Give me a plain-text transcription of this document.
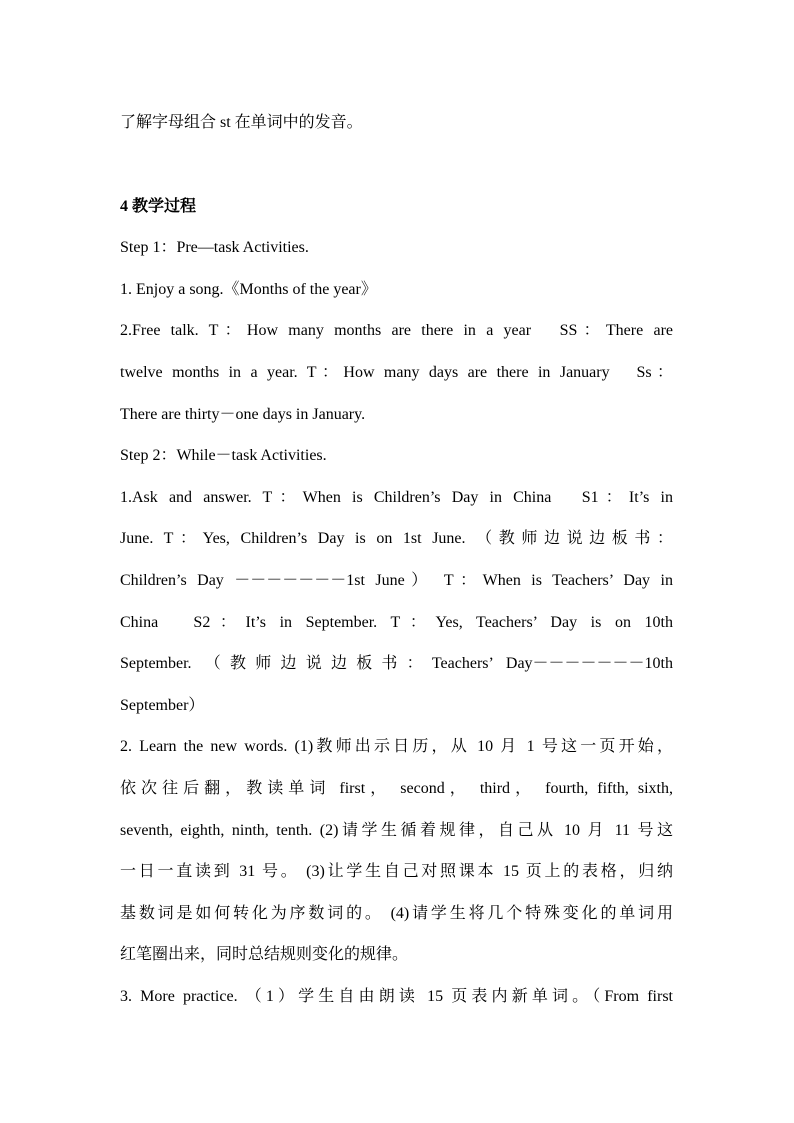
了解字母组合 st 在单词中的发音。

4 教学过程

Step 1：Pre—task Activities.

1. Enjoy a song.《Months of the year》

2.Free talk. T：How many months are there in a year　SS：There are

twelve months in a year. T：How many days are there in January　Ss：

There are thirty－one days in January.

Step 2：While－task Activities.

1.Ask and answer. T：When is Children’s Day in China　S1：It’s in

June. T：Yes, Children’s Day is on 1st June. （教师边说边板书：

Children’s Day －－－－－－－1st June） T：When is Teachers’ Day in

China　S2：It’s in September. T：Yes, Teachers’ Day is on 10th

September. （教师边说边板书：Teachers’ Day－－－－－－－10th

September）

2. Learn the new words. (1)教师出示日历，从 10 月 1 号这一页开始，

依次往后翻，教读单词 first， second， third， fourth, fifth, sixth,

seventh, eighth, ninth, tenth. (2)请学生循着规律，自己从 10 月 11 号这

一日一直读到 31 号。 (3)让学生自己对照课本 15 页上的表格，归纳

基数词是如何转化为序数词的。 (4)请学生将几个特殊变化的单词用

红笔圈出来，同时总结规则变化的规律。

3. More practice. （1）学生自由朗读 15 页表内新单词。（From first
